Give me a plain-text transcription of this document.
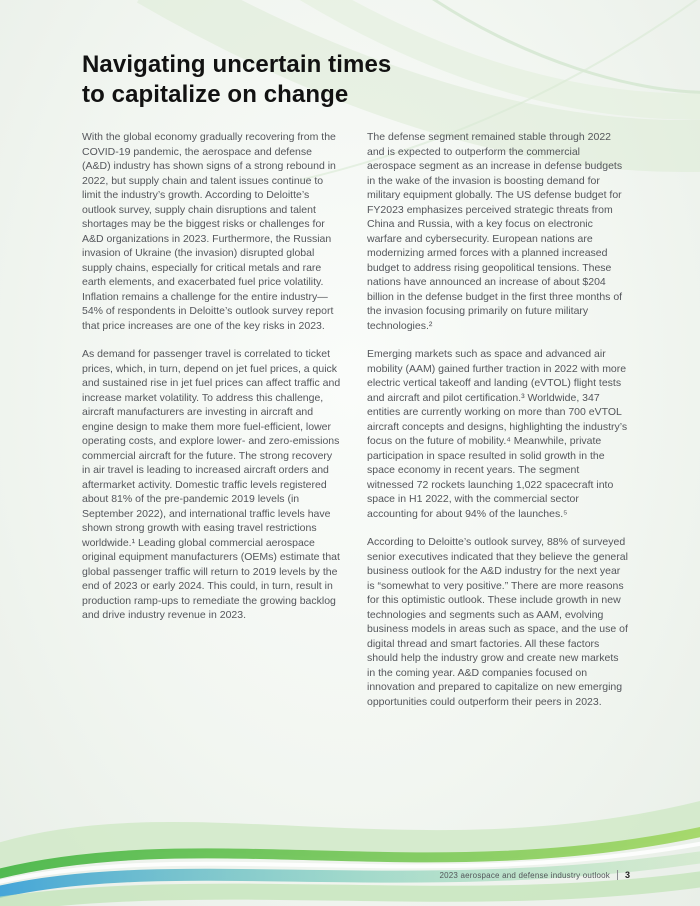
Navigating uncertain times
to capitalize on change

With the global economy gradually recovering from the COVID-19 pandemic, the aerospace and defense (A&D) industry has shown signs of a strong rebound in 2022, but supply chain and talent issues continue to limit the industry’s growth. According to Deloitte’s outlook survey, supply chain disruptions and talent shortages may be the biggest risks or challenges for A&D organizations in 2023. Furthermore, the Russian invasion of Ukraine (the invasion) disrupted global supply chains, especially for critical metals and rare earth elements, and exacerbated fuel price volatility. Inflation remains a challenge for the entire industry—54% of respondents in Deloitte’s outlook survey report that price increases are one of the key risks in 2023.

As demand for passenger travel is correlated to ticket prices, which, in turn, depend on jet fuel prices, a quick and sustained rise in jet fuel prices can affect traffic and increase market volatility. To address this challenge, aircraft manufacturers are investing in aircraft and engine design to make them more fuel-efficient, lower operating costs, and explore lower- and zero-emissions commercial aircraft for the future. The strong recovery in air travel is leading to increased aircraft orders and aftermarket activity. Domestic traffic levels registered about 81% of the pre-pandemic 2019 levels (in September 2022), and international traffic levels have shown strong growth with easing travel restrictions worldwide.¹ Leading global commercial aerospace original equipment manufacturers (OEMs) estimate that global passenger traffic will return to 2019 levels by the end of 2023 or early 2024. This could, in turn, result in production ramp-ups to remediate the growing backlog and drive industry revenue in 2023.

The defense segment remained stable through 2022 and is expected to outperform the commercial aerospace segment as an increase in defense budgets in the wake of the invasion is boosting demand for military equipment globally. The US defense budget for FY2023 emphasizes perceived strategic threats from China and Russia, with a key focus on electronic warfare and cybersecurity. European nations are modernizing armed forces with a planned increased budget to address rising geopolitical tensions. These nations have announced an increase of about $204 billion in the defense budget in the first three months of the invasion focusing primarily on future military technologies.²

Emerging markets such as space and advanced air mobility (AAM) gained further traction in 2022 with more electric vertical takeoff and landing (eVTOL) flight tests and aircraft and pilot certification.³ Worldwide, 347 entities are currently working on more than 700 eVTOL aircraft concepts and designs, highlighting the industry’s focus on the future of mobility.⁴ Meanwhile, private participation in space resulted in solid growth in the space economy in recent years. The segment witnessed 72 rockets launching 1,022 spacecraft into space in H1 2022, with the commercial sector accounting for about 94% of the launches.⁵

According to Deloitte’s outlook survey, 88% of surveyed senior executives indicated that they believe the general business outlook for the A&D industry for the next year is “somewhat to very positive.” There are more reasons for this optimistic outlook. These include growth in new technologies and segments such as AAM, evolving business models in areas such as space, and the use of digital thread and smart factories. All these factors should help the industry grow and create new markets in the coming year. A&D companies focused on innovation and prepared to capitalize on new emerging opportunities could outperform their peers in 2023.

2023 aerospace and defense industry outlook 3
